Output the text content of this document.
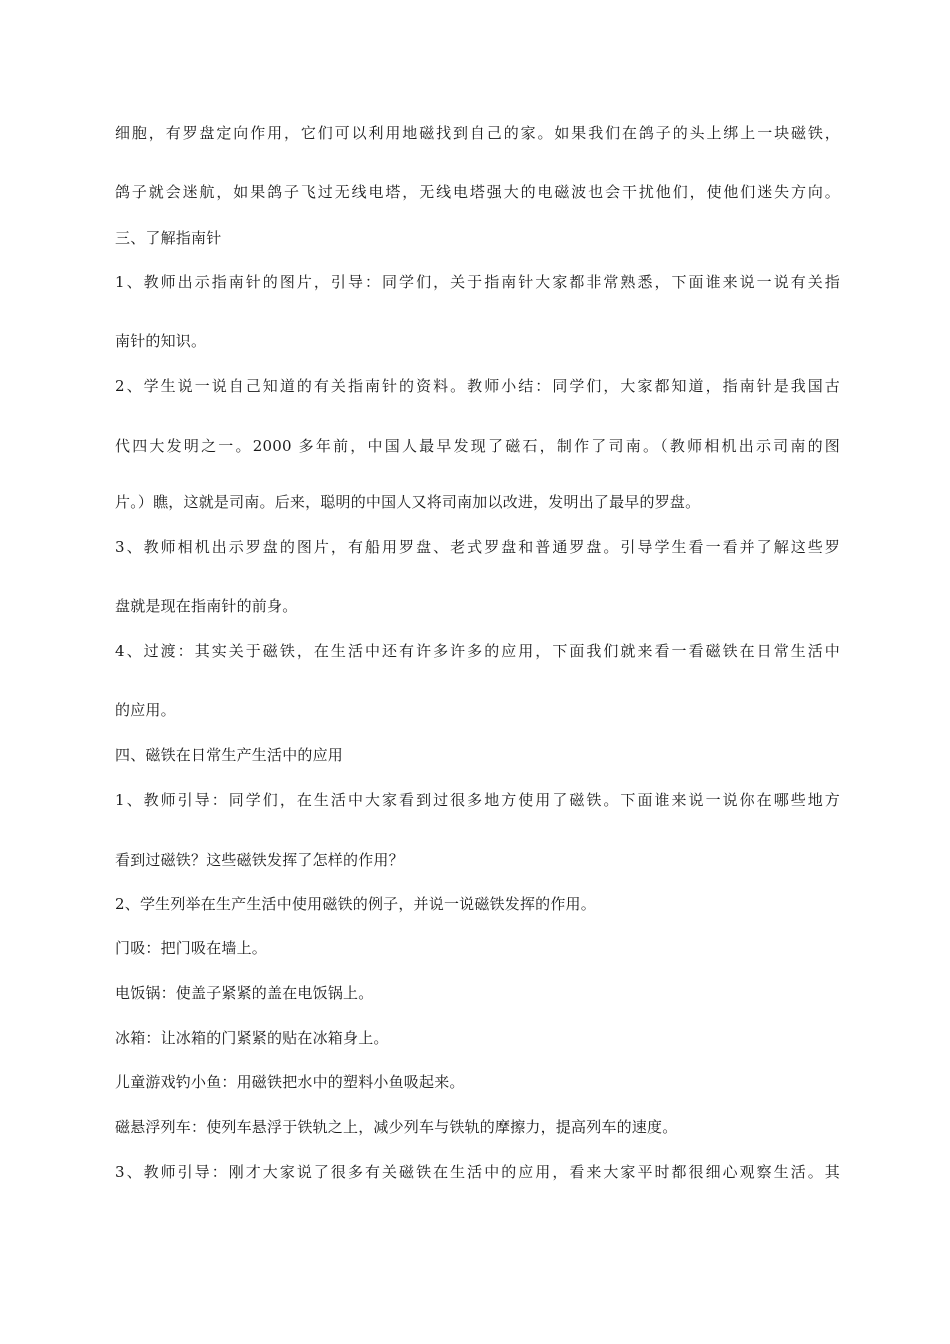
细胞，有罗盘定向作用，它们可以利用地磁找到自己的家。如果我们在鸽子的头上绑上一块磁铁，
鸽子就会迷航，如果鸽子飞过无线电塔，无线电塔强大的电磁波也会干扰他们，使他们迷失方向。
三、了解指南针
1、教师出示指南针的图片，引导：同学们，关于指南针大家都非常熟悉，下面谁来说一说有关指
南针的知识。
2、学生说一说自己知道的有关指南针的资料。教师小结：同学们，大家都知道，指南针是我国古
代四大发明之一。2000 多年前，中国人最早发现了磁石，制作了司南。（教师相机出示司南的图
片。）瞧，这就是司南。后来，聪明的中国人又将司南加以改进，发明出了最早的罗盘。
3、教师相机出示罗盘的图片，有船用罗盘、老式罗盘和普通罗盘。引导学生看一看并了解这些罗
盘就是现在指南针的前身。
4、过渡：其实关于磁铁，在生活中还有许多许多的应用，下面我们就来看一看磁铁在日常生活中
的应用。
四、磁铁在日常生产生活中的应用
1、教师引导：同学们，在生活中大家看到过很多地方使用了磁铁。下面谁来说一说你在哪些地方
看到过磁铁？这些磁铁发挥了怎样的作用？
2、学生列举在生产生活中使用磁铁的例子，并说一说磁铁发挥的作用。
门吸：把门吸在墙上。
电饭锅：使盖子紧紧的盖在电饭锅上。
冰箱：让冰箱的门紧紧的贴在冰箱身上。
儿童游戏钓小鱼：用磁铁把水中的塑料小鱼吸起来。
磁悬浮列车：使列车悬浮于铁轨之上，减少列车与铁轨的摩擦力，提高列车的速度。
3、教师引导：刚才大家说了很多有关磁铁在生活中的应用，看来大家平时都很细心观察生活。其
